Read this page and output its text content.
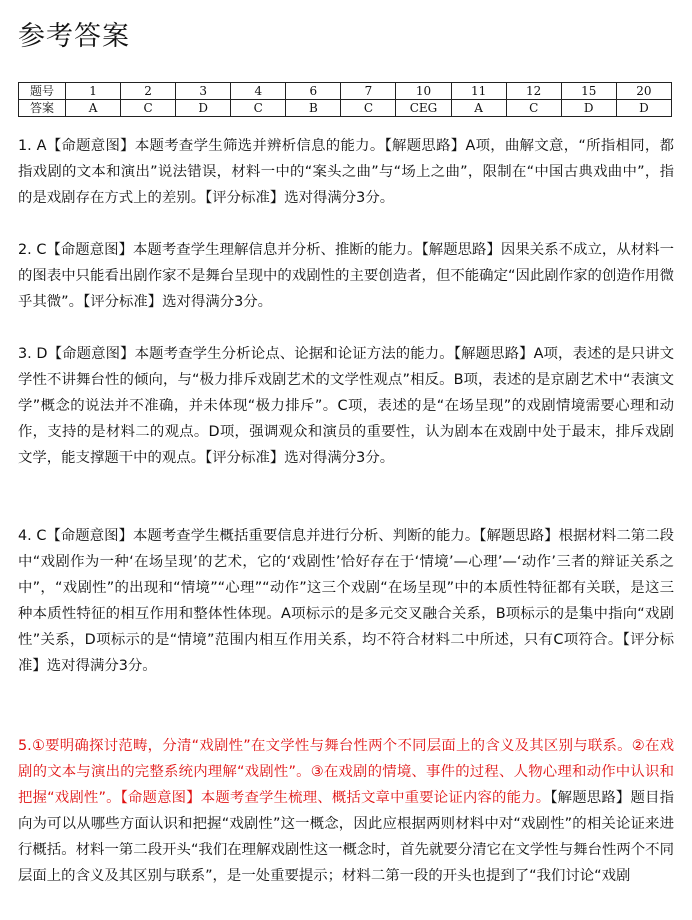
参考答案
题号	1	2	3	4	6	7	10	11	12	15	20
答案	A	C	D	C	B	C	CEG	A	C	D	D

1. A【命题意图】本题考查学生筛选并辨析信息的能力。【解题思路】A项，曲解文意，“所指相同，都指戏剧的文本和演出”说法错误，材料一中的“案头之曲”与“场上之曲”，限制在“中国古典戏曲中”，指的是戏剧存在方式上的差别。【评分标准】选对得满分3分。

2. C【命题意图】本题考查学生理解信息并分析、推断的能力。【解题思路】因果关系不成立，从材料一的图表中只能看出剧作家不是舞台呈现中的戏剧性的主要创造者，但不能确定“因此剧作家的创造作用微乎其微”。【评分标准】选对得满分3分。

3. D【命题意图】本题考查学生分析论点、论据和论证方法的能力。【解题思路】A项，表述的是只讲文学性不讲舞台性的倾向，与“极力排斥戏剧艺术的文学性观点”相反。B项，表述的是京剧艺术中“表演文学”概念的说法并不准确，并未体现“极力排斥”。C项，表述的是“在场呈现”的戏剧情境需要心理和动作，支持的是材料二的观点。D项，强调观众和演员的重要性，认为剧本在戏剧中处于最末，排斥戏剧文学，能支撑题干中的观点。【评分标准】选对得满分3分。

4. C【命题意图】本题考查学生概括重要信息并进行分析、判断的能力。【解题思路】根据材料二第二段中“戏剧作为一种‘在场呈现’的艺术，它的‘戏剧性’恰好存在于‘情境’—心理’—‘动作’三者的辩证关系之中”，“戏剧性”的出现和“情境”“心理”“动作”这三个戏剧“在场呈现”中的本质性特征都有关联，是这三种本质性特征的相互作用和整体性体现。A项标示的是多元交叉融合关系，B项标示的是集中指向“戏剧性”关系，D项标示的是“情境”范围内相互作用关系，均不符合材料二中所述，只有C项符合。【评分标准】选对得满分3分。

5.①要明确探讨范畴，分清“戏剧性”在文学性与舞台性两个不同层面上的含义及其区别与联系。②在戏剧的文本与演出的完整系统内理解“戏剧性”。③在戏剧的情境、事件的过程、人物心理和动作中认识和把握“戏剧性”。【命题意图】本题考查学生梳理、概括文章中重要论证内容的能力。【解题思路】题目指向为可以从哪些方面认识和把握“戏剧性”这一概念，因此应根据两则材料中对“戏剧性”的相关论证来进行概括。材料一第二段开头“我们在理解戏剧性这一概念时，首先就要分清它在文学性与舞台性两个不同层面上的含义及其区别与联系”，是一处重要提示；材料二第一段的开头也提到了“我们讨论“戏剧
